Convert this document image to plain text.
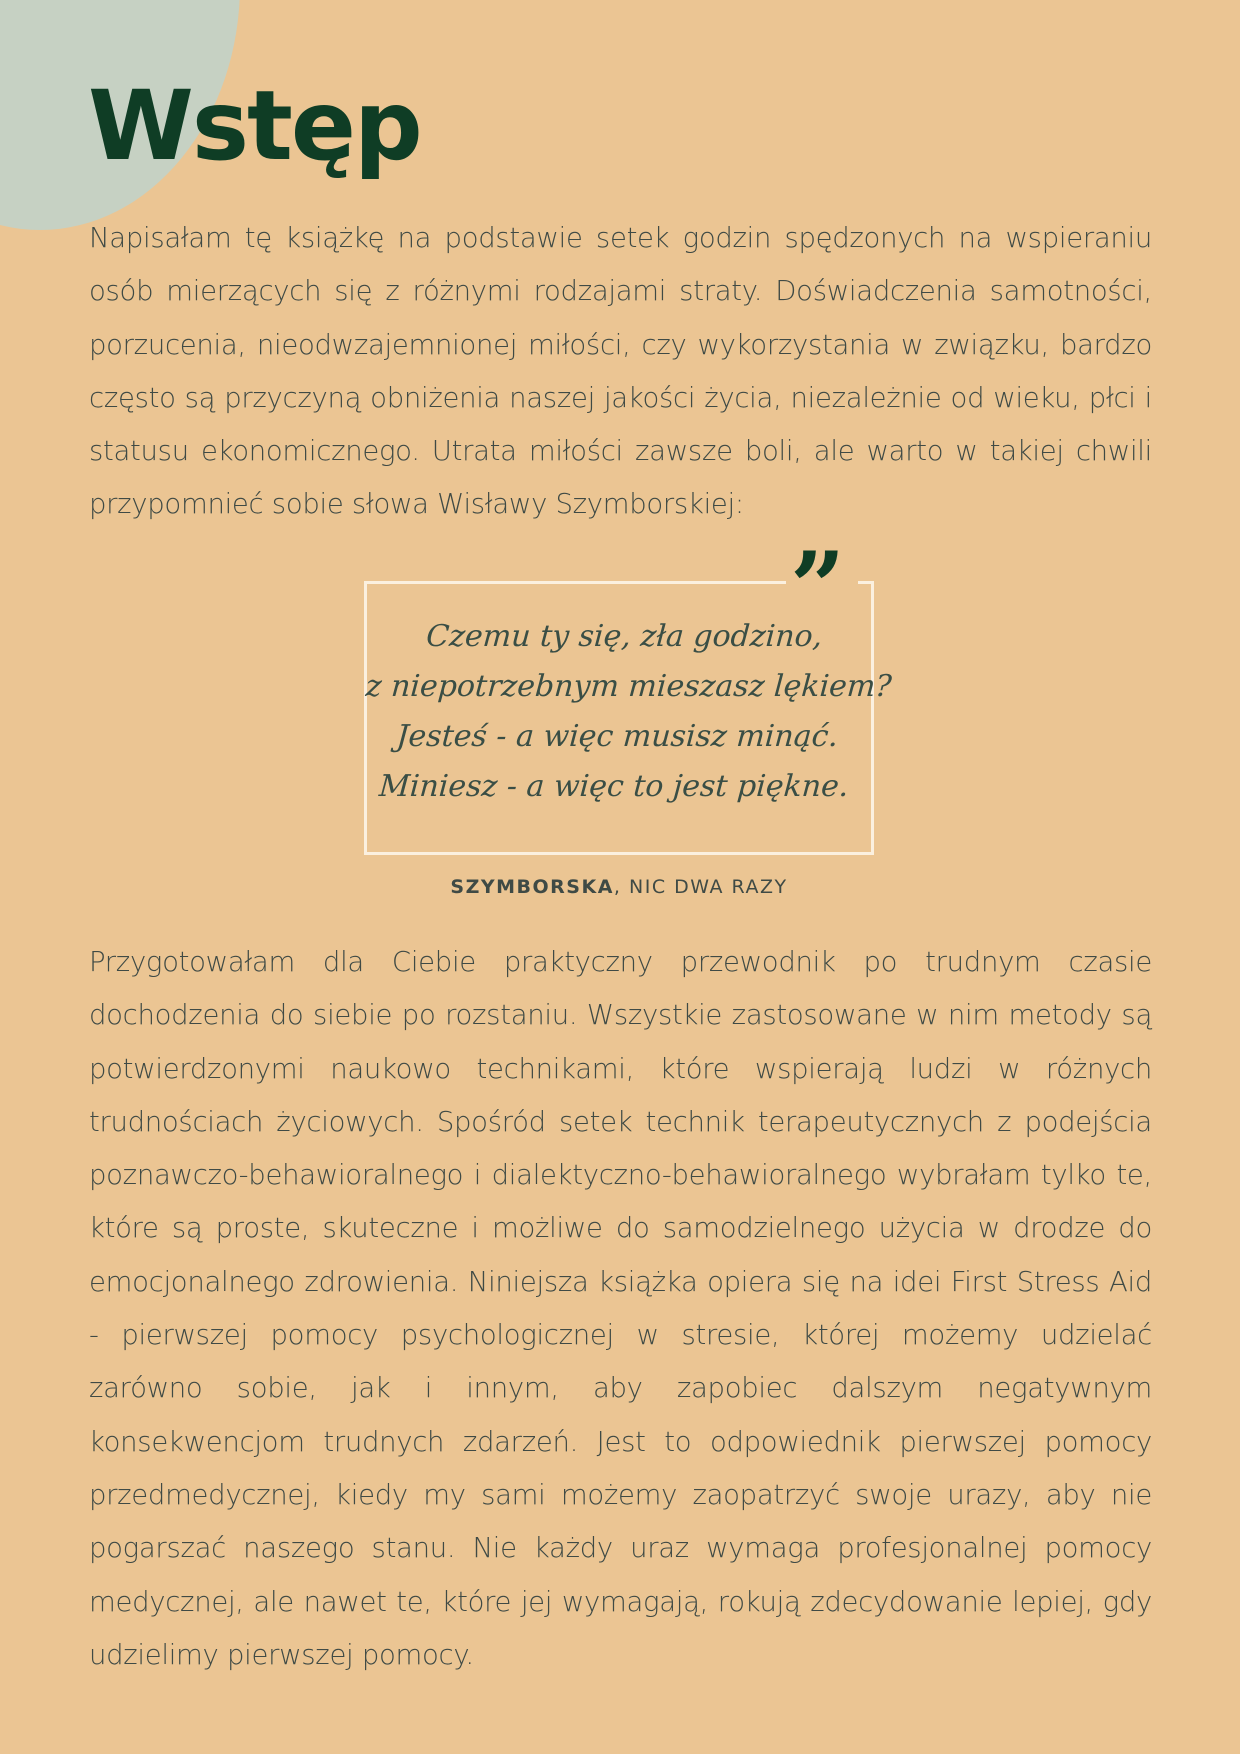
Wstęp

Napisałam tę książkę na podstawie setek godzin spędzonych na wspieraniu osób mierzących się z różnymi rodzajami straty. Doświadczenia samotności, porzucenia, nieodwzajemnionej miłości, czy wykorzystania w związku, bardzo często są przyczyną obniżenia naszej jakości życia, niezależnie od wieku, płci i statusu ekonomicznego. Utrata miłości zawsze boli, ale warto w takiej chwili przypomnieć sobie słowa Wisławy Szymborskiej:

”
Czemu ty się, zła godzino,
z niepotrzebnym mieszasz lękiem?
Jesteś - a więc musisz minąć.
Miniesz - a więc to jest piękne.
SZYMBORSKA, NIC DWA RAZY

Przygotowałam dla Ciebie praktyczny przewodnik po trudnym czasie dochodzenia do siebie po rozstaniu. Wszystkie zastosowane w nim metody są potwierdzonymi naukowo technikami, które wspierają ludzi w różnych trudnościach życiowych. Spośród setek technik terapeutycznych z podejścia poznawczo-behawioralnego i dialektyczno-behawioralnego wybrałam tylko te, które są proste, skuteczne i możliwe do samodzielnego użycia w drodze do emocjonalnego zdrowienia. Niniejsza książka opiera się na idei First Stress Aid - pierwszej pomocy psychologicznej w stresie, której możemy udzielać zarówno sobie, jak i innym, aby zapobiec dalszym negatywnym konsekwencjom trudnych zdarzeń. Jest to odpowiednik pierwszej pomocy przedmedycznej, kiedy my sami możemy zaopatrzyć swoje urazy, aby nie pogarszać naszego stanu. Nie każdy uraz wymaga profesjonalnej pomocy medycznej, ale nawet te, które jej wymagają, rokują zdecydowanie lepiej, gdy udzielimy pierwszej pomocy.
